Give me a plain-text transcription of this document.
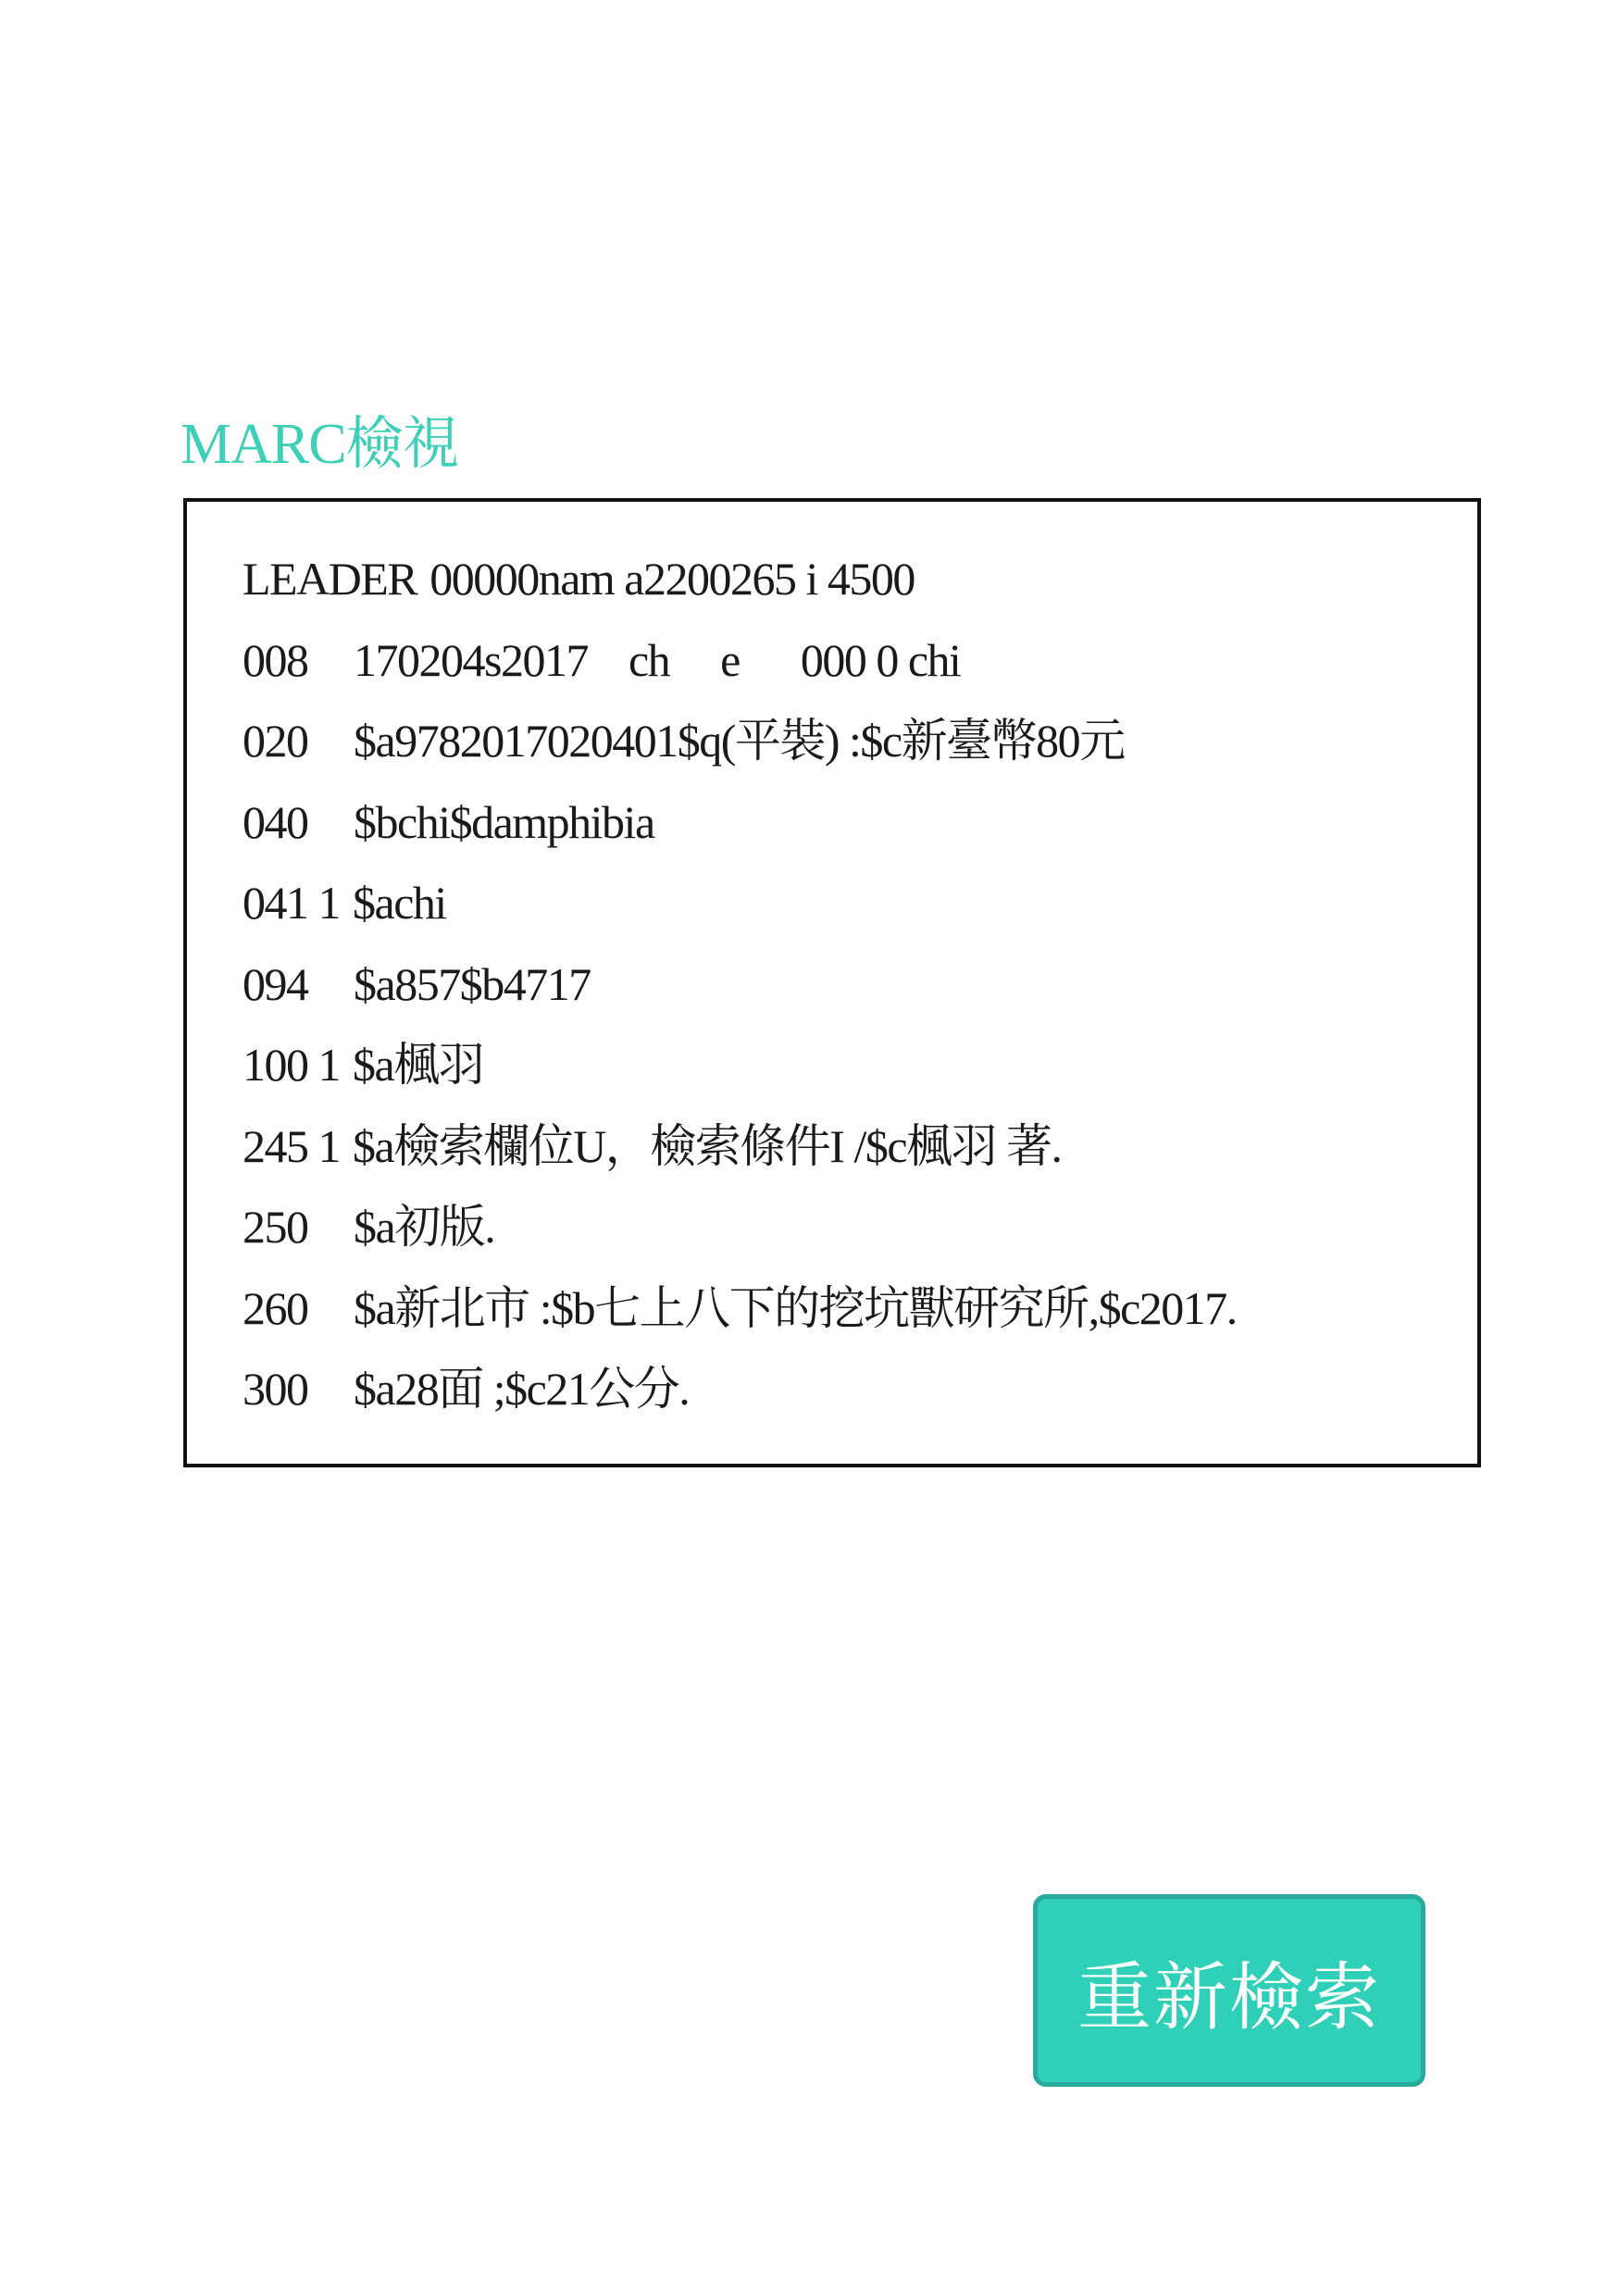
MARC檢視
LEADER 00000nam a2200265 i 4500
008 170204s2017    ch     e      000 0 chi
020 $a9782017020401$q(平裝) :$c新臺幣80元
040 $bchi$damphibia
041 1 $achi
094 $a857$b4717
100 1 $a楓羽
245 1 $a檢索欄位U，檢索條件I /$c楓羽 著.
250 $a初版.
260 $a新北市 :$b七上八下的挖坑獸研究所,$c2017.
300 $a28面 ;$c21公分.
重新檢索
